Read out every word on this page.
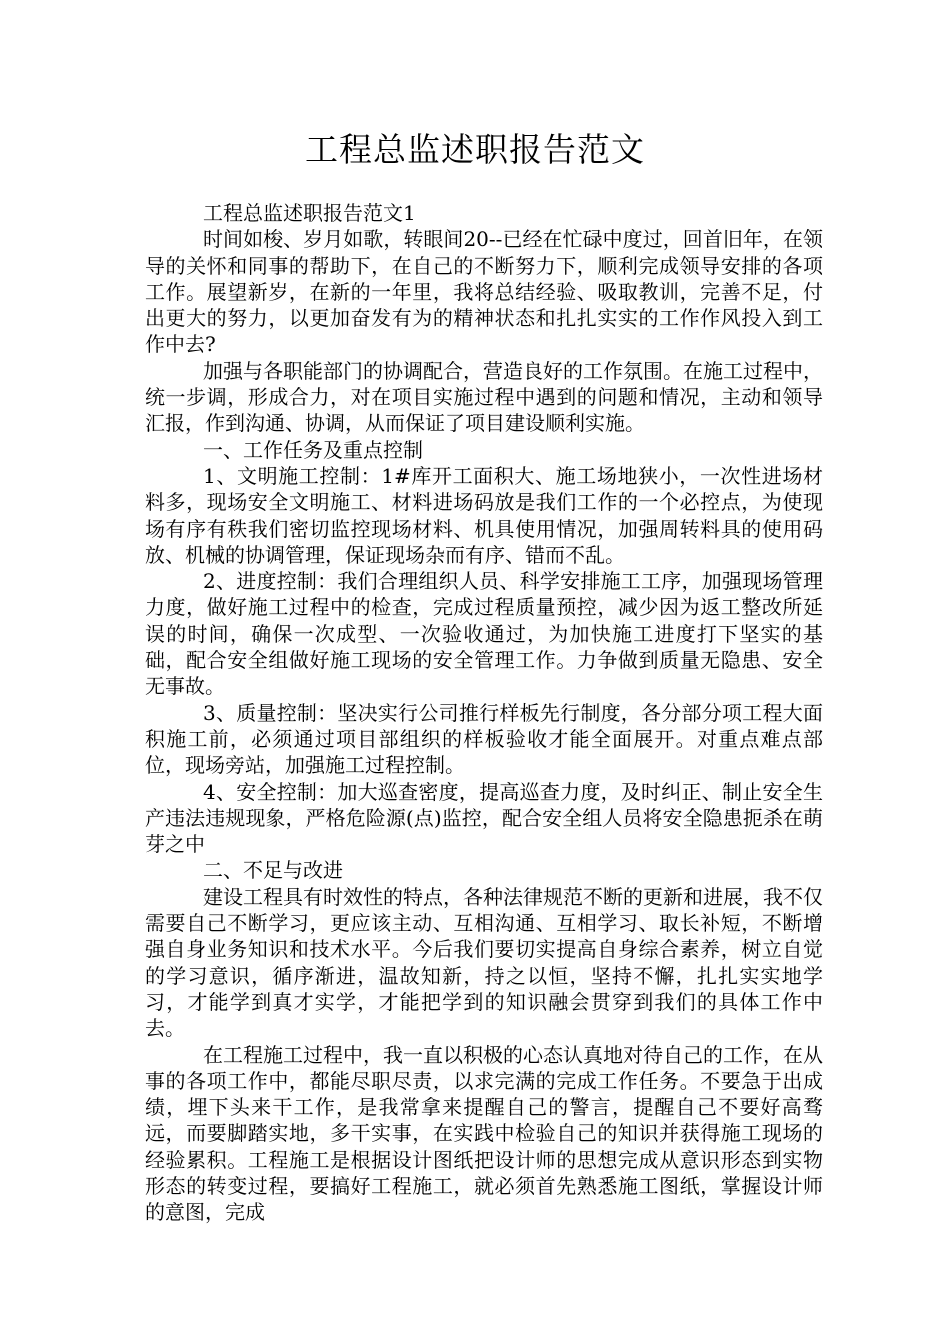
工程总监述职报告范文

工程总监述职报告范文1

时间如梭、岁月如歌，转眼间20--已经在忙碌中度过，回首旧年，在领导的关怀和同事的帮助下，在自己的不断努力下，顺利完成领导安排的各项工作。展望新岁，在新的一年里，我将总结经验、吸取教训，完善不足，付出更大的努力，以更加奋发有为的精神状态和扎扎实实的工作作风投入到工作中去?

加强与各职能部门的协调配合，营造良好的工作氛围。在施工过程中，统一步调，形成合力，对在项目实施过程中遇到的问题和情况，主动和领导汇报，作到沟通、协调，从而保证了项目建设顺利实施。

一、工作任务及重点控制

1、文明施工控制：1#库开工面积大、施工场地狭小，一次性进场材料多，现场安全文明施工、材料进场码放是我们工作的一个必控点，为使现场有序有秩我们密切监控现场材料、机具使用情况，加强周转料具的使用码放、机械的协调管理，保证现场杂而有序、错而不乱。

2、进度控制：我们合理组织人员、科学安排施工工序，加强现场管理力度，做好施工过程中的检查，完成过程质量预控，减少因为返工整改所延误的时间，确保一次成型、一次验收通过，为加快施工进度打下坚实的基础，配合安全组做好施工现场的安全管理工作。力争做到质量无隐患、安全无事故。

3、质量控制：坚决实行公司推行样板先行制度，各分部分项工程大面积施工前，必须通过项目部组织的样板验收才能全面展开。对重点难点部位，现场旁站，加强施工过程控制。

4、安全控制：加大巡查密度，提高巡查力度，及时纠正、制止安全生产违法违规现象，严格危险源(点)监控，配合安全组人员将安全隐患扼杀在萌芽之中

二、不足与改进

建设工程具有时效性的特点，各种法律规范不断的更新和进展，我不仅需要自己不断学习，更应该主动、互相沟通、互相学习、取长补短，不断增强自身业务知识和技术水平。今后我们要切实提高自身综合素养，树立自觉的学习意识，循序渐进，温故知新，持之以恒，坚持不懈，扎扎实实地学习，才能学到真才实学，才能把学到的知识融会贯穿到我们的具体工作中去。

在工程施工过程中，我一直以积极的心态认真地对待自己的工作，在从事的各项工作中，都能尽职尽责，以求完满的完成工作任务。不要急于出成绩，埋下头来干工作，是我常拿来提醒自己的警言，提醒自己不要好高骛远，而要脚踏实地，多干实事，在实践中检验自己的知识并获得施工现场的经验累积。工程施工是根据设计图纸把设计师的思想完成从意识形态到实物形态的转变过程，要搞好工程施工，就必须首先熟悉施工图纸，掌握设计师的意图，完成
